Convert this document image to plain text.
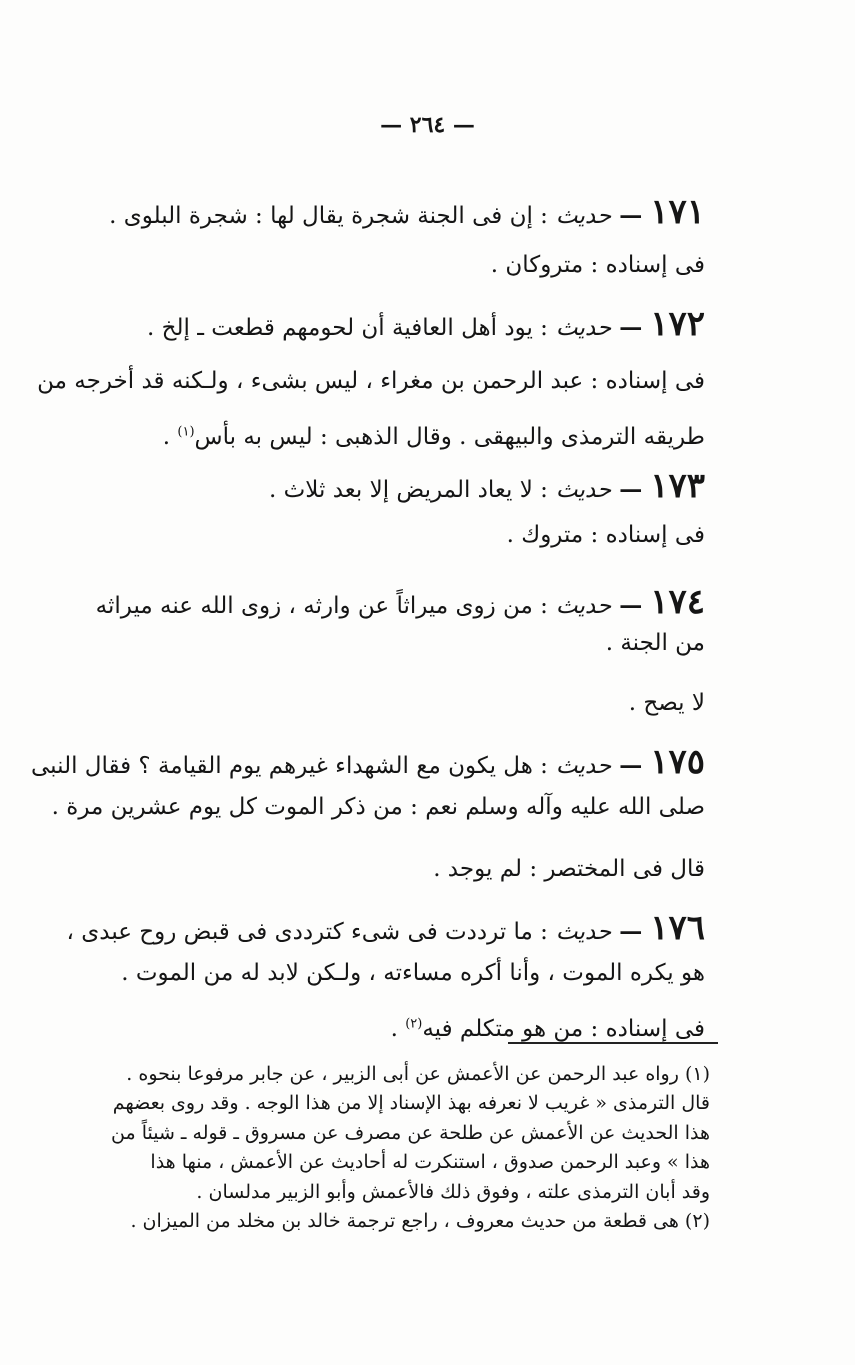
— ٢٦٤ —
١٧١
—
حديث
: إن فى الجنة شجرة يقال لها : شجرة البلوى .

فى إسناده : متروكان .

١٧٢
—
حديث
: يود أهل العافية أن لحومهم قطعت ـ إلخ .

فى إسناده : عبد الرحمن بن مغراء ، ليس بشىء ، ولـكنه قد أخرجه من

طريقه الترمذى والبيهقى . وقال الذهبى : ليس به بأس$^{(١)}$ .

١٧٣
—
حديث
: لا يعاد المريض إلا بعد ثلاث .

فى إسناده : متروك .

١٧٤
—
حديث
: من زوى ميراثاً عن وارثه ، زوى الله عنه ميراثه

من الجنة .

لا يصح .

١٧٥
—
حديث
: هل يكون مع الشهداء غيرهم يوم القيامة ؟ فقال النبى

صلى الله عليه وآله وسلم نعم : من ذكر الموت كل يوم عشرين مرة .

قال فى المختصر : لم يوجد .

١٧٦
—
حديث
: ما ترددت فى شىء كترددى فى قبض روح عبدى ،

هو يكره الموت ، وأنا أكره مساءته ، ولـكن لابد له من الموت .

فى إسناده : من هو متكلم فيه$^{(٢)}$ .

(١) رواه عبد الرحمن عن الأعمش عن أبى الزبير ، عن جابر مرفوعا بنحوه .

قال الترمذى « غريب لا نعرفه بهذ الإسناد إلا من هذا الوجه . وقد روى بعضهم

هذا الحديث عن الأعمش عن طلحة عن مصرف عن مسروق ـ قوله ـ شيئاً من

هذا » وعبد الرحمن صدوق ، استنكرت له أحاديث عن الأعمش ، منها هذا

وقد أبان الترمذى علته ، وفوق ذلك فالأعمش وأبو الزبير مدلسان .

(٢) هى قطعة من حديث معروف ، راجع ترجمة خالد بن مخلد من الميزان .
